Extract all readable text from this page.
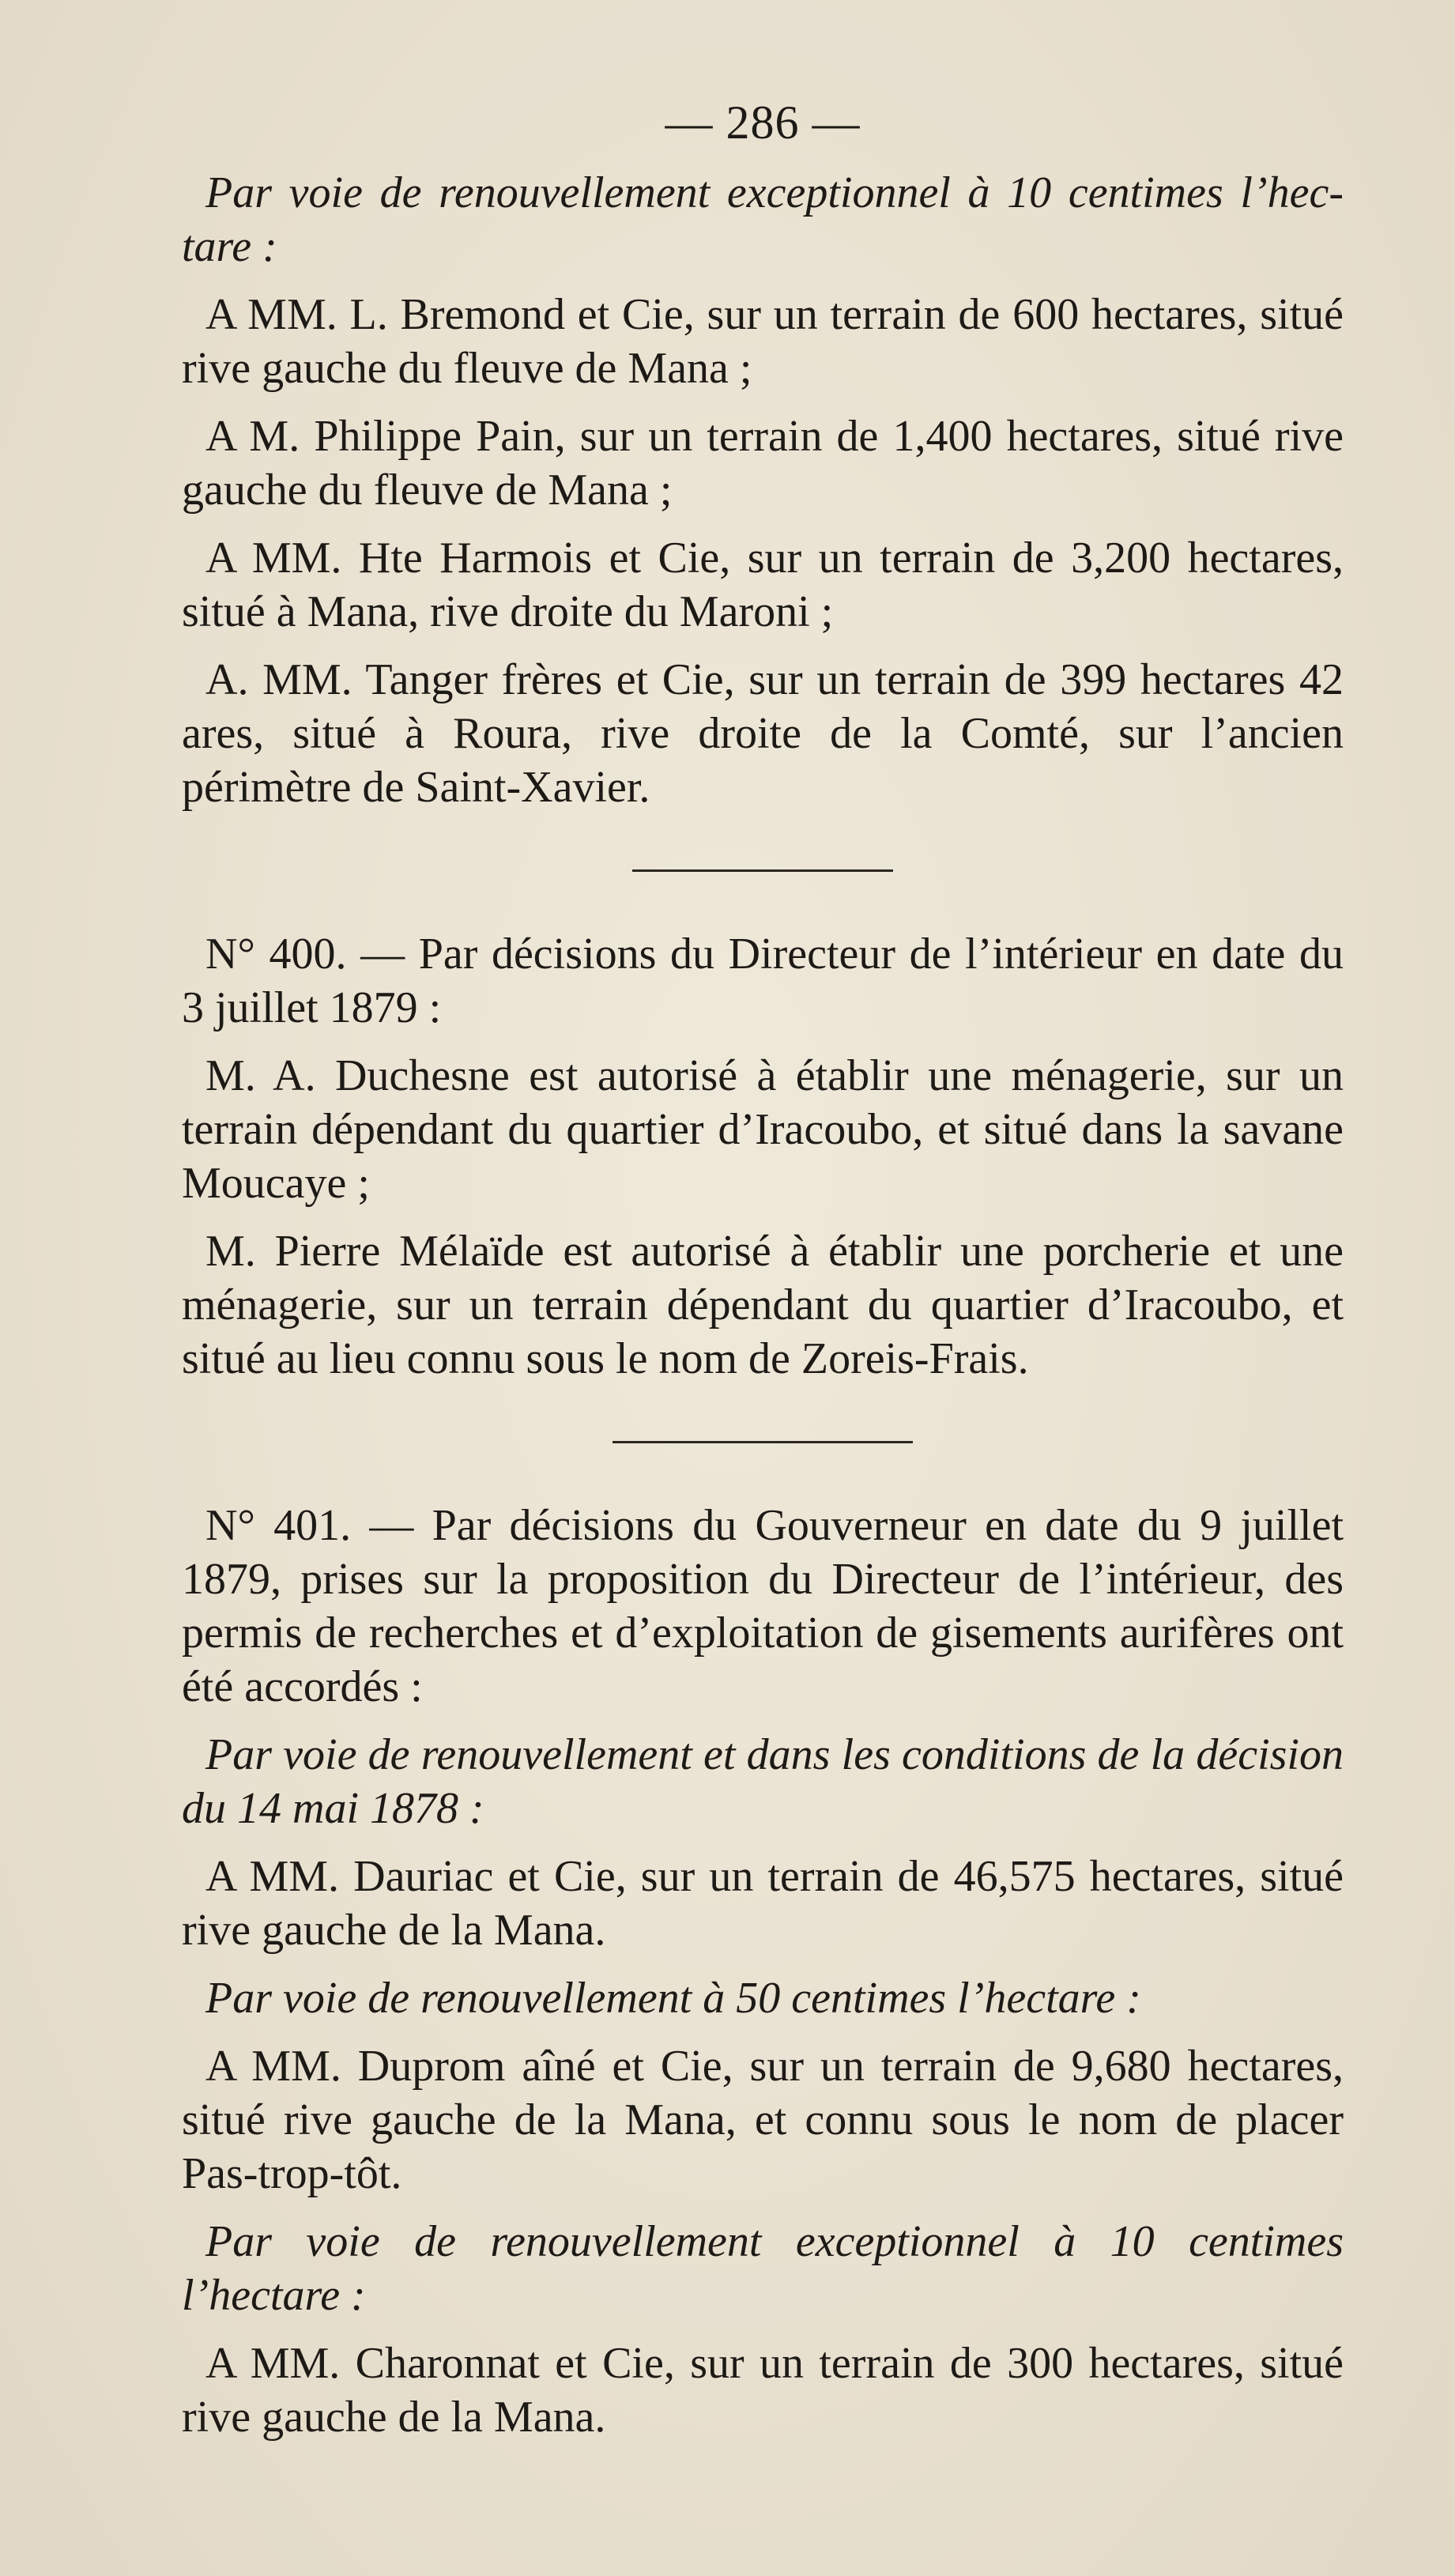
— 286 —

Par voie de renouvellement exceptionnel à 10 centimes l’hec-tare :

A MM. L. Bremond et Cie, sur un terrain de 600 hectares, situé rive gauche du fleuve de Mana ;

A M. Philippe Pain, sur un terrain de 1,400 hectares, situé rive gauche du fleuve de Mana ;

A MM. Hte Harmois et Cie, sur un terrain de 3,200 hectares, situé à Mana, rive droite du Maroni ;

A. MM. Tanger frères et Cie, sur un terrain de 399 hectares 42 ares, situé à Roura, rive droite de la Comté, sur l’ancien périmètre de Saint-Xavier.

N° 400. — Par décisions du Directeur de l’intérieur en date du 3 juillet 1879 :

M. A. Duchesne est autorisé à établir une ménagerie, sur un terrain dépendant du quartier d’Iracoubo, et situé dans la savane Moucaye ;

M. Pierre Mélaïde est autorisé à établir une porcherie et une ménagerie, sur un terrain dépendant du quartier d’Iracoubo, et situé au lieu connu sous le nom de Zoreis-Frais.

N° 401. — Par décisions du Gouverneur en date du 9 juillet 1879, prises sur la proposition du Directeur de l’intérieur, des permis de recherches et d’exploitation de gisements aurifères ont été accordés :

Par voie de renouvellement et dans les conditions de la décision du 14 mai 1878 :

A MM. Dauriac et Cie, sur un terrain de 46,575 hectares, situé rive gauche de la Mana.

Par voie de renouvellement à 50 centimes l’hectare :

A MM. Duprom aîné et Cie, sur un terrain de 9,680 hectares, situé rive gauche de la Mana, et connu sous le nom de placer Pas-trop-tôt.

Par voie de renouvellement exceptionnel à 10 centimes l’hectare :

A MM. Charonnat et Cie, sur un terrain de 300 hectares, situé rive gauche de la Mana.
